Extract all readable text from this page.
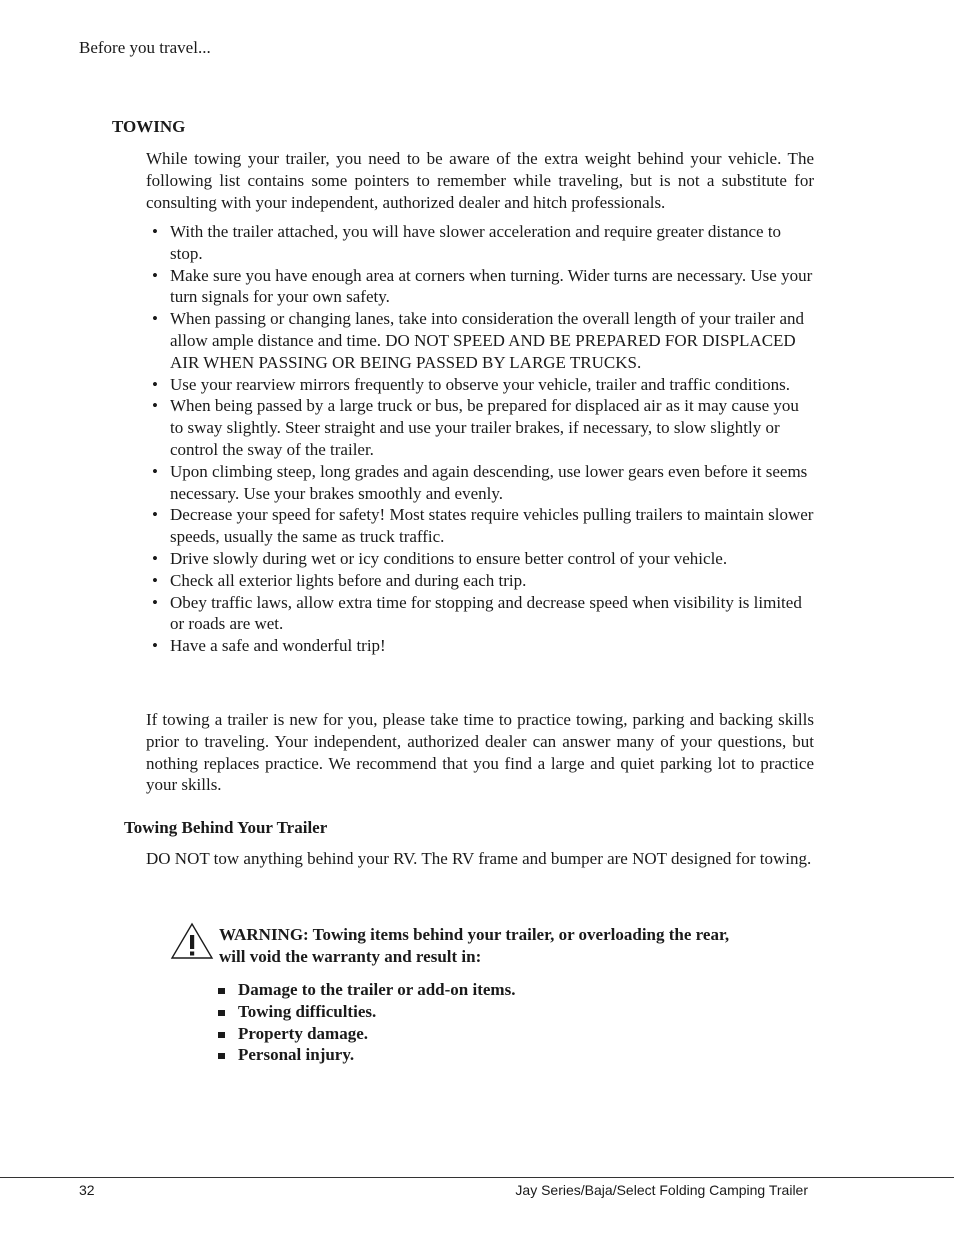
Before you travel...
TOWING
While towing your trailer, you need to be aware of the extra weight behind your vehicle. The following list contains some pointers to remember while traveling, but is not a substitute for consulting with your independent, authorized dealer and hitch professionals.
• With the trailer attached, you will have slower acceleration and require greater distance to stop.
• Make sure you have enough area at corners when turning. Wider turns are necessary. Use your turn signals for your own safety.
• When passing or changing lanes, take into consideration the overall length of your trailer and allow ample distance and time. DO NOT SPEED AND BE PREPARED FOR DISPLACED AIR WHEN PASSING OR BEING PASSED BY LARGE TRUCKS.
• Use your rearview mirrors frequently to observe your vehicle, trailer and traffic conditions.
• When being passed by a large truck or bus, be prepared for displaced air as it may cause you to sway slightly. Steer straight and use your trailer brakes, if necessary, to slow slightly or control the sway of the trailer.
• Upon climbing steep, long grades and again descending, use lower gears even before it seems necessary. Use your brakes smoothly and evenly.
• Decrease your speed for safety! Most states require vehicles pulling trailers to maintain slower speeds, usually the same as truck traffic.
• Drive slowly during wet or icy conditions to ensure better control of your vehicle.
• Check all exterior lights before and during each trip.
• Obey traffic laws, allow extra time for stopping and decrease speed when visibility is limited or roads are wet.
• Have a safe and wonderful trip!
If towing a trailer is new for you, please take time to practice towing, parking and backing skills prior to traveling. Your independent, authorized dealer can answer many of your questions, but nothing replaces practice. We recommend that you find a large and quiet parking lot to practice your skills.
Towing Behind Your Trailer
DO NOT tow anything behind your RV. The RV frame and bumper are NOT designed for towing.
WARNING: Towing items behind your trailer, or overloading the rear,
will void the warranty and result in:
Damage to the trailer or add-on items.
Towing difficulties.
Property damage.
Personal injury.
32	Jay Series/Baja/Select Folding Camping Trailer
